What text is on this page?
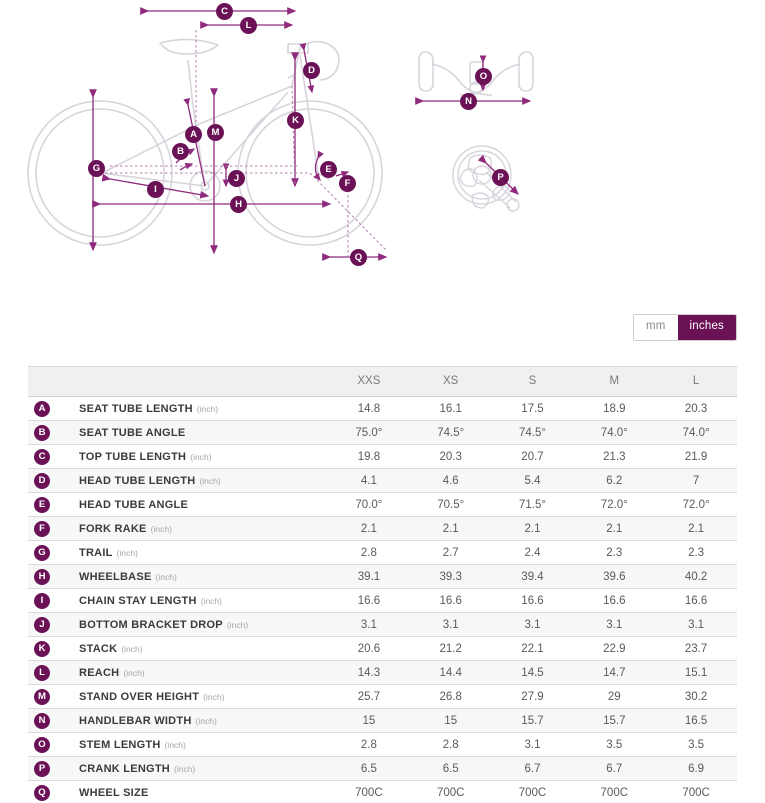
A
B
C
D
E
F
G
H
I
J
K
L
M
N
O
P
Q
mm	inches
	XXS	XS	S	M	L

A SEAT TUBE LENGTH (inch)	14.8	16.1	17.5	18.9	20.3

B SEAT TUBE ANGLE	75.0°	74.5°	74.5°	74.0°	74.0°

C TOP TUBE LENGTH (inch)	19.8	20.3	20.7	21.3	21.9

D HEAD TUBE LENGTH (inch)	4.1	4.6	5.4	6.2	7

E HEAD TUBE ANGLE	70.0°	70.5°	71.5°	72.0°	72.0°

F FORK RAKE (inch)	2.1	2.1	2.1	2.1	2.1

G TRAIL (inch)	2.8	2.7	2.4	2.3	2.3

H WHEELBASE (inch)	39.1	39.3	39.4	39.6	40.2

I CHAIN STAY LENGTH (inch)	16.6	16.6	16.6	16.6	16.6

J BOTTOM BRACKET DROP (inch)	3.1	3.1	3.1	3.1	3.1

K STACK (inch)	20.6	21.2	22.1	22.9	23.7

L REACH (inch)	14.3	14.4	14.5	14.7	15.1

M STAND OVER HEIGHT (inch)	25.7	26.8	27.9	29	30.2

N HANDLEBAR WIDTH (inch)	15	15	15.7	15.7	16.5

O STEM LENGTH (inch)	2.8	2.8	3.1	3.5	3.5

P CRANK LENGTH (inch)	6.5	6.5	6.7	6.7	6.9

Q WHEEL SIZE	700C	700C	700C	700C	700C
